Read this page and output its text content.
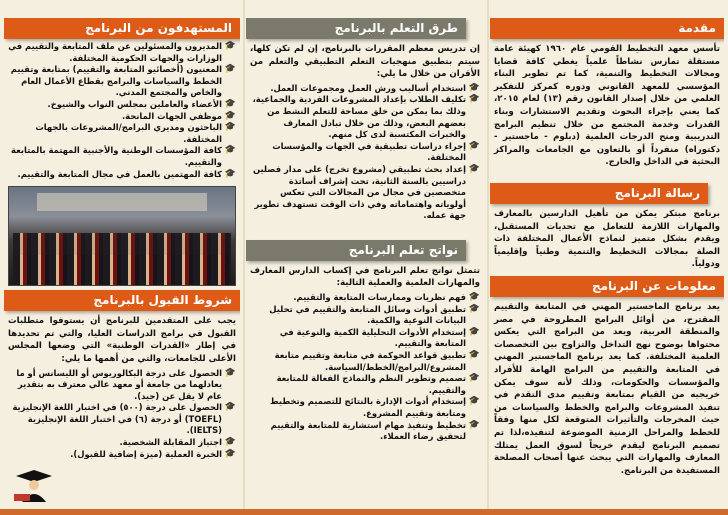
مقدمة
تأسس معهد التخطيط القومي عام ١٩٦٠ كهيئة عامة مستقلة تمارس نشاطاً علمياً يغطي كافة قضايا ومجالات التخطيط والتنمية، كما تم تطوير البناء المؤسسي للمعهد القانوني ودوره كمركز للتفكير العلمي من خلال إصدار القانون رقم (١٣) لعام ٢٠١٥، كما يعني بإجراء البحوث وتقديم الاستشارات وبناء القدرات وخدمة المجتمع من خلال تنظيم البرامج التدريبية ومنح الدرجات العلمية (دبلوم - ماجستير - دكتوراه) منفرداً أو بالتعاون مع الجامعات والمراكز البحثية في الداخل والخارج.
رسالة البرنامج
برنامج مبتكر يمكن من تأهيل الدارسين بالمعارف والمهارات اللازمة للتعامل مع تحديات المستقبل، ويقدم بشكل متميز لنماذج الأعمال المختلفة ذات الصلة بمجالات التخطيط والتنمية وطنياً وإقليمياً ودولياً.
معلومات عن البرنامج
يعد برنامج الماجستير المهني في المتابعة والتقييم المقترح، من أوائل البرامج المطروحة في مصر والمنطقة العربية، ويعد من البرامج التي يعكس محتواها بوضوح نهج التداخل والتزاوج بين التخصصات العلمية المختلفة. كما يعد برنامج الماجستير المهني في المتابعة والتقييم من البرامج الهامة للأفراد والمؤسسات والحكومات، وذلك لأنه سوف يمكن خريجيه من القيام بمتابعة وتقييم مدى التقدم في تنفيذ المشروعات والبرامج والخطط والسياسات من حيث المخرجات والتأثيرات المتوقعة لكل منها وفقاً للخطط والمراحل الزمنية الموضوعة لتنفيذه،لذا تم تصميم البرنامج ليقدم خريجاً لسوق العمل يمتلك المعارف والمهارات التي يبحث عنها أصحاب المصلحة المستفيدة من البرنامج.
طرق التعلم بالبرنامج
إن تدريس معظم المقررات بالبرنامج، إن لم تكن كلها، سيتم بتطبيق منهجيات التعلم التطبيقي والتعلم من الأقران من خلال ما يلي:
🎓
استخدام أساليب ورش العمل ومجموعات العمل.
🎓
تكليف الطلاب بإعداد المشروعات الفردية والجماعية، وذلك بما يمكن من خلق مساحة للتعلم النشط من بعضهم البعض، وذلك من خلال تبادل المعارف والخبرات المكتسبة لدى كل منهم.
🎓
إجراء دراسات تطبيقية في الجهات والمؤسسات المختلفة.
🎓
إعداد بحث تطبيقي (مشروع تخرج) على مدار فصلين دراسيين بالسنة الثانية، تحت إشراف أساتذة متخصصين في مجال من المجالات التي تعكس أولوياته واهتماماته وفي ذات الوقت تستهدف تطوير جهة عمله.
نواتج تعلم البرنامج
تتمثل نواتج تعلم البرنامج في إكساب الدارس المعارف والمهارات العلمية والعملية التالية:
🎓
فهم نظريات وممارسات المتابعة والتقييم.
🎓
تطبيق أدوات وسائل المتابعة والتقييم في تحليل البيانات النوعية والكمية.
🎓
إستخدام الأدوات التحليلية الكمية والنوعية في المتابعة والتقييم.
🎓
تطبيق قواعد الحوكمة في متابعة وتقييم متابعة المشروع/البرامج/الخطط/السياسة.
🎓
تصميم وتطوير النظم والنماذج الفعالة للمتابعة والتقييم.
🎓
إستخدام أدوات الإدارة بالنتائج للتصميم وتخطيط ومتابعة وتقييم المشروع.
🎓
تخطيط وتنفيذ مهام استشارية للمتابعة والتقييم لتحقيق رضاء العملاء.
المستهدفون من البرنامج
🎓
المديرون والمسئولين عن ملف المتابعة والتقييم في الوزارات والجهات الحكومية المختلفة.
🎓
المعنيون (أخصائيو المتابعة والتقييم) بمتابعة وتقييم الخطط والسياسات والبرامج بقطاع الأعمال العام والخاص والمجتمع المدني.
🎓
الأعضاء والعاملين بمجلس النواب والشيوخ.
🎓
موظفي الجهات المانحة.
🎓
الباحثون ومديري البرامج/المشروعات بالجهات المختلفة.
🎓
كافة المؤسسات الوطنية والأجنبية المهتمة بالمتابعة والتقييم.
🎓
كافة المهتمين بالعمل في مجال المتابعة والتقييم.
شروط القبول بالبرنامج
يجب على المتقدمين للبرنامج أن يستوفوا متطلبات القبول في برامج الدراسات العليا، والتي تم تحديدها في إطار «القدرات الوطنية» التي وضعها المجلس الأعلى للجامعات، والتي من أهمها ما يلي:
🎓
الحصول على درجة البكالوريوس أو الليسانس أو ما يعادلهما من جامعة أو معهد عالي معترف به بتقدير عام لا يقل عن (جيد).
🎓
الحصول على درجة (٥٠٠) في اختبار اللغة الإنجليزية (TOEFL) أو درجة (٦) في اختبار اللغة الإنجليزية (IELTS).
🎓
اجتياز المقابلة الشخصية.
🎓
الخبرة العملية (ميزة إضافية للقبول).
